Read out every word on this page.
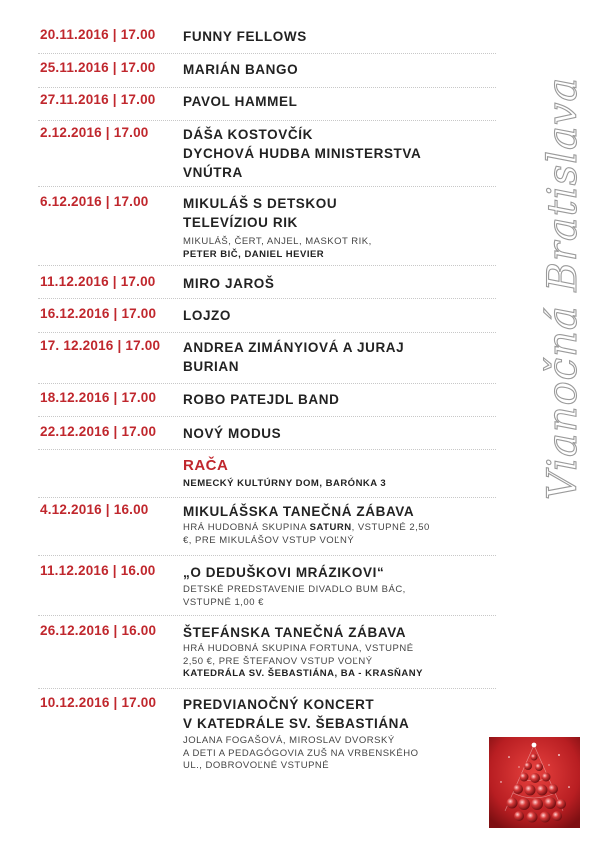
Vianočná Bratislava
20.11.2016 | 17.00 FUNNY FELLOWS
25.11.2016 | 17.00 MARIÁN BANGO
27.11.2016 | 17.00 PAVOL HAMMEL
2.12.2016 | 17.00	DÁŠA KOSTOVČÍK
DYCHOVÁ HUDBA MINISTERSTVA
VNÚTRA
6.12.2016 | 17.00	MIKULÁŠ S DETSKOU
TELEVÍZIOU RIK
MIKULÁŠ, ČERT, ANJEL, MASKOT RIK,
PETER BIČ, DANIEL HEVIER
11.12.2016 | 17.00 MIRO JAROŠ
16.12.2016 | 17.00 LOJZO
17. 12.2016 | 17.00 ANDREA ZIMÁNYIOVÁ A JURAJ
BURIAN
18.12.2016 | 17.00 ROBO PATEJDL BAND
22.12.2016 | 17.00 NOVÝ MODUS
RAČA
NEMECKÝ KULTÚRNY DOM, BARÓNKA 3
4.12.2016 | 16.00	MIKULÁŠSKA TANEČNÁ ZÁBAVA
HRÁ HUDOBNÁ SKUPINA SATURN, VSTUPNÉ 2,50
€, PRE MIKULÁŠOV VSTUP VOĽNÝ
11.12.2016 | 16.00 „O DEDUŠKOVI MRÁZIKOVI“
DETSKÉ PREDSTAVENIE DIVADLO BUM BÁC,
VSTUPNÉ 1,00 €
26.12.2016 | 16.00 ŠTEFÁNSKA TANEČNÁ ZÁBAVA
HRÁ HUDOBNÁ SKUPINA FORTUNA, VSTUPNÉ
2,50 €, PRE ŠTEFANOV VSTUP VOĽNÝ
KATEDRÁLA SV. ŠEBASTIÁNA, BA - KRASŇANY
10.12.2016 | 17.00 PREDVIANOČNÝ KONCERT
V KATEDRÁLE SV. ŠEBASTIÁNA
JOLANA FOGAŠOVÁ, MIROSLAV DVORSKÝ
A DETI A PEDAGÓGOVIA ZUŠ NA VRBENSKÉHO
UL., DOBROVOĽNÉ VSTUPNÉ
